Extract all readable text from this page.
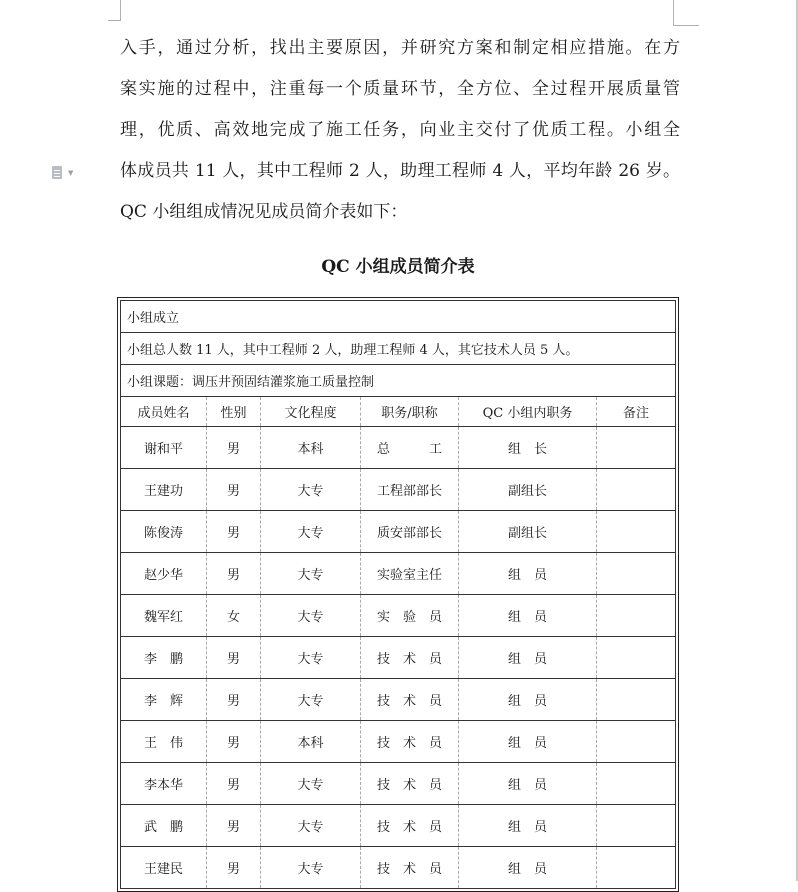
▼
入手，通过分析，找出主要原因，并研究方案和制定相应措施。在方
案实施的过程中，注重每一个质量环节，全方位、全过程开展质量管
理，优质、高效地完成了施工任务，向业主交付了优质工程。小组全
体成员共 11 人，其中工程师 2 人，助理工程师 4 人，平均年龄 26 岁。
QC 小组组成情况见成员简介表如下：
QC 小组成员简介表
小组成立					
小组总人数 11 人，其中工程师 2 人，助理工程师 4 人，其它技术人员 5 人。					
小组课题：调压井预固结灌浆施工质量控制					
成员姓名	性别	文化程度	职务/职称	QC 小组内职务	备注
谢和平	男	本科	总　　　工	组　长	
王建功	男	大专	工程部部长	副组长	
陈俊涛	男	大专	质安部部长	副组长	
赵少华	男	大专	实验室主任	组　员	
魏军红	女	大专	实　验　员	组　员	
李　鹏	男	大专	技　术　员	组　员	
李　辉	男	大专	技　术　员	组　员	
王　伟	男	本科	技　术　员	组　员	
李本华	男	大专	技　术　员	组　员	
武　鹏	男	大专	技　术　员	组　员	
王建民	男	大专	技　术　员	组　员	
